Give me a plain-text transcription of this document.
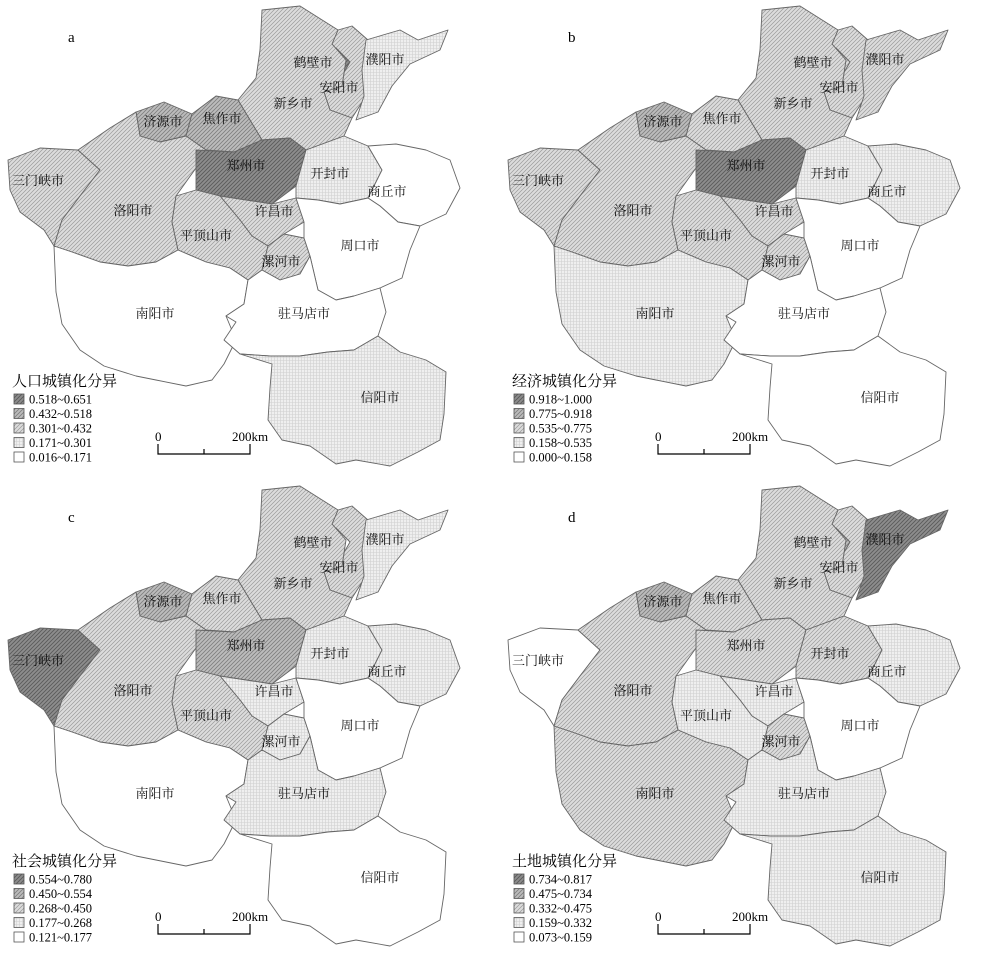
安阳市
鹤壁市	濮阳市
新乡市
焦作市
济源市
三门峡市
洛阳市
郑州市
开封市
商丘市
许昌市
平顶山市
漯河市
周口市
南阳市	驻马店市
信阳市
a
人口城镇化分异
0.518~0.651
0.432~0.518
0.301~0.432
0.171~0.301
0.016~0.171
0	200km
安阳市
鹤壁市	濮阳市
新乡市
焦作市
济源市
三门峡市
洛阳市
郑州市
开封市
商丘市
许昌市
平顶山市
漯河市
周口市
南阳市	驻马店市
信阳市
b
经济城镇化分异
0.918~1.000
0.775~0.918
0.535~0.775
0.158~0.535
0.000~0.158
0	200km
安阳市
鹤壁市	濮阳市
新乡市
焦作市
济源市
三门峡市
洛阳市
郑州市
开封市
商丘市
许昌市
平顶山市
漯河市
周口市
南阳市	驻马店市
信阳市
c
社会城镇化分异
0.554~0.780
0.450~0.554
0.268~0.450
0.177~0.268
0.121~0.177
0	200km
安阳市
鹤壁市	濮阳市
新乡市
焦作市
济源市
三门峡市
洛阳市
郑州市
开封市
商丘市
许昌市
平顶山市
漯河市
周口市
南阳市	驻马店市
信阳市
d
土地城镇化分异
0.734~0.817
0.475~0.734
0.332~0.475
0.159~0.332
0.073~0.159
0	200km
